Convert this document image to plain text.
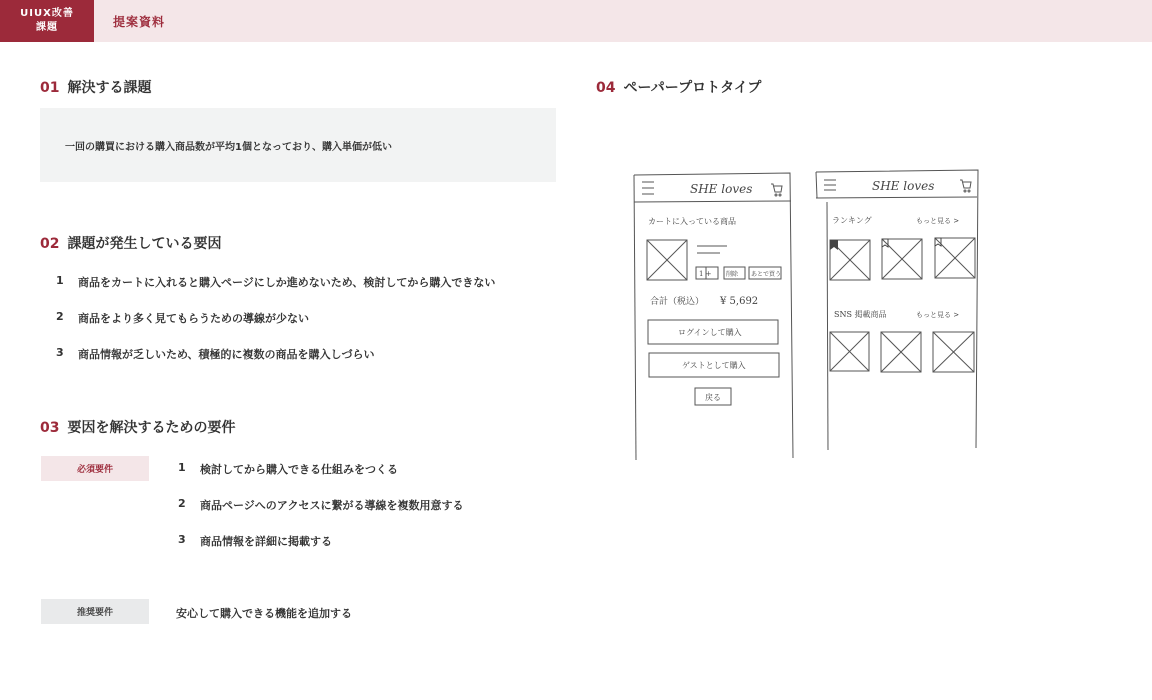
UIUX改善
課題	提案資料
01 解決する課題
一回の購買における購入商品数が平均1個となっており、購入単価が低い
02 課題が発生している要因
1	商品をカートに入れると購入ページにしか進めないため、検討してから購入できない
2	商品をより多く見てもらうための導線が少ない
3	商品情報が乏しいため、積極的に複数の商品を購入しづらい
03 要因を解決するための要件
必須要件	1	検討してから購入できる仕組みをつくる
2	商品ページへのアクセスに繋がる導線を複数用意する
3	商品情報を詳細に掲載する
推奨要件	安心して購入できる機能を追加する
04 ペーパープロトタイプ
SHE loves
カートに入っている商品
1 + 削除 あとで買う
合計（税込） ¥ 5,692
ログインして購入
ゲストとして購入
戻る
SHE loves
ランキング	もっと見る >
SNS 掲載商品	もっと見る >
